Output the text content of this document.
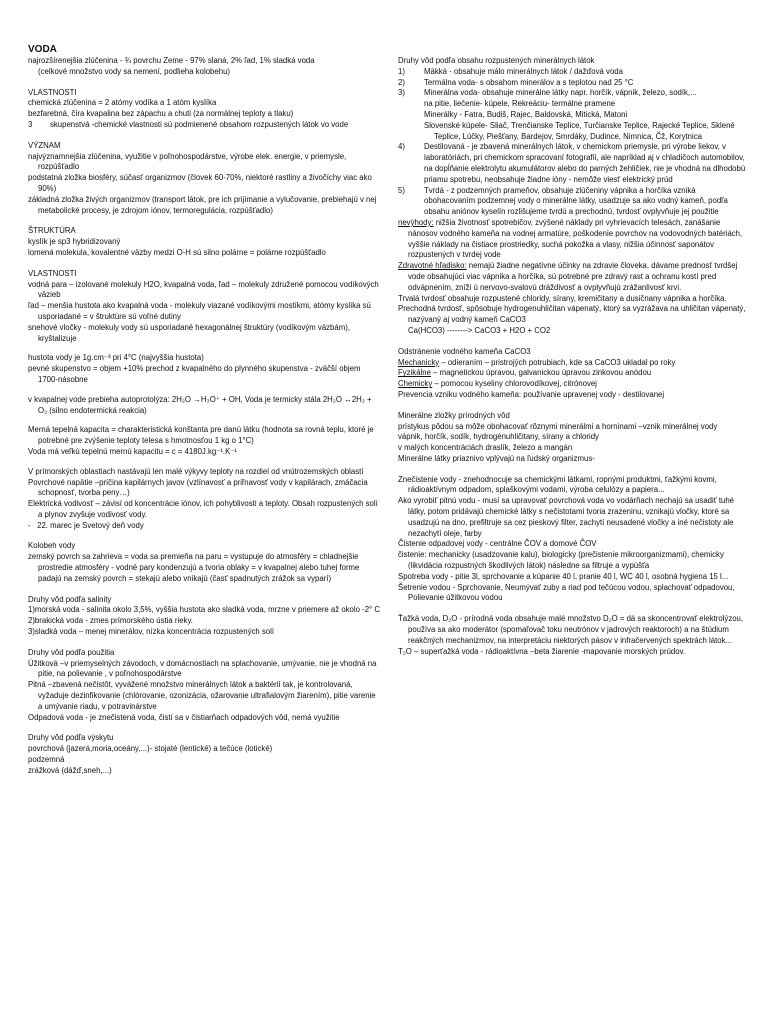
VODA

najrozšírenejšia zlúčenina - ¾ povrchu Zeme - 97% slaná, 2% ľad, 1% sladká voda

(celkové množstvo vody sa nemení, podlieha kolobehu)

VLASTNOSTI

chemická zlúčenina = 2 atómy vodíka a 1 atóm kyslíka

bezfarebná, číra kvapalina bez zápachu a chuti (za normálnej teploty a tlaku)

3 skupenstvá -chemické vlastnosti sú podmienené obsahom rozpustených látok vo vode

VÝZNAM

najvýznamnejšia zlúčenina, využitie v poľnohospodárstve, výrobe elek. energie, v priemysle, rozpúšťadlo

podstatná zložka biosféry, súčasť organizmov (človek 60-70%, niektoré rastliny a živočíchy viac ako 90%)

základná zložka živých organizmov (transport látok, pre ich prijímanie a vylučovanie, prebiehajú v nej metabolické procesy, je zdrojom iónov, termoregulácia, rozpúšťadlo)

ŠTRUKTÚRA

kyslík je sp3 hybridizovaný

lomená molekula, kovalentné väzby medzi O-H sú silno polárne = polárne rozpúšťadlo

VLASTNOSTI

vodná para – izolované molekuly H2O, kvapalná voda, ľad – molekuly združené pomocou vodíkových väzieb

ľad – menšia hustota ako kvapalná voda - molekuly viazané vodíkovými mostíkmi, atómy kyslíka sú usporiadané = v štruktúre sú voľné dutiny

snehové vločky - molekuly vody sú usporiadané hexagonálnej štruktúry (vodíkovým väzbám), kryštalizuje

hustota vody je 1g.cm⁻³ pri 4°C (najvyššia hustota)

pevné skupenstvo = objem +10% prechod z kvapalného do plynného skupenstva - zväčší objem 1700-násobne

v kvapalnej vode prebieha autoprotolýza: 2H₂O →H₃O⁺ + OH, Voda je termicky stála 2H₂O ↔2H₂ + O₂ (silno endotermická reakcia)

Merná tepelná kapacita = charakteristická konštanta pre danú látku (hodnota sa rovná teplu, ktoré je potrebné pre zvýšenie teploty telesa s hmotnosťou 1 kg o 1°C)

Voda má veľkú tepelnú mernú kapacitu = c = 4180J.kg⁻¹.K⁻¹

V prímorských oblastiach nastávajú len malé výkyvy teploty na rozdiel od vnútrozemských oblastí

Povrchové napätie –príčina kapilárnych javov (vzlínavosť a priľnavosť vody v kapilárach, zmáčacia schopnosť, tvorba peny…)

Elektrická vodivosť – závisí od koncentrácie iónov, ich pohyblivosti a teploty. Obsah rozpustených solí a plynov zvyšuje vodivosť vody.

- 22. marec je Svetový deň vody

Kolobeh vody

zemský povrch sa zahrieva = voda sa premieňa na paru = vystupuje do atmosféry = chladnejšie prostredie atmosféry - vodné pary kondenzujú a tvoria oblaky = v kvapalnej alebo tuhej forme padajú na zemský povrch = stekajú alebo vnikajú (časť spadnutých zrážok sa vyparí)

Druhy vôd podľa salinity

1)morská voda - salinita okolo 3,5%, vyššia hustota ako sladká voda, mrzne v priemere až okolo -2° C

2)brakická voda - zmes prímorského ústia rieky.

3)sladká voda – menej minerálov, nízka koncentrácia rozpustených solí

Druhy vôd podľa použitia

Úžitková –v priemyselných závodoch, v domácnostiach na splachovanie, umývanie, nie je vhodná na pitie, na polievanie , v poľnohospodárstve

Pitná –zbavená nečistôt, vyvážené množstvo minerálnych látok a baktérií tak, je kontrolovaná, vyžaduje dezinfikovanie (chlórovanie, ozonizácia, ožarovanie ultrafialovým žiarením), pitie varenie a umývanie riadu, v potravinárstve

Odpadová voda - je znečistená voda, čistí sa v čistiarňach odpadových vôd, nemá využitie

Druhy vôd podľa výskytu

povrchová (jazerá,moria,oceány,...)- stojaté (lentické) a tečúce (lotické)

podzemná

zrážková (dážď,sneh,...)

Druhy vôd podľa obsahu rozpustených minerálnych látok

1) Mäkká - obsahuje málo minerálnych látok / dažďová voda

2) Termálna voda- s obsahom minerálov a s teplotou nad 25 °C

3) Minerálna voda- obsahuje minerálne látky napr. horčík, vápnik, železo, sodík,...

na pitie, liečenie- kúpele, Rekreáciu- termálne pramene

Minerálky - Fatra, Budiš, Rajec, Baldovská, Mitická, Matoni

Slovenské kúpele- Sliač, Trenčianske Teplice, Turčianske Teplice, Rajecké Teplice, Sklené Teplice, Lúčky, Piešťany, Bardejov, Smrdáky, Dudince, Nimnica, Čž, Korytnica

4) Destilovaná - je zbavená minerálnych látok, v chemickom priemysle, pri výrobe liekov, v laboratóriách, pri chemickom spracovaní fotografií, ale napríklad aj v chladičoch automobilov, na dopĺňanie elektrolytu akumulátorov alebo do parných žehličiek, nie je vhodná na dlhodobú priamu spotrebu, neobsahuje žiadne ióny - nemôže viesť elektrický prúd

5) Tvrdá - z podzemných prameňov, obsahuje zlúčeniny vápnika a horčíka vzniká obohacovaním podzemnej vody o minerálne látky, usadzuje sa ako vodný kameň, podľa obsahu aniónov kyselín rozlišujeme tvrdú a prechodnú, tvrdosť ovplyvňuje jej použitie

nevýhody: nižšia životnosť spotrebičov, zvýšené náklady pri vyhrievacích telesách, zanášanie nánosov vodného kameňa na vodnej armatúre, poškodenie povrchov na vodovodných batériách, vyššie náklady na čistiace prostriedky, suchá pokožka a vlasy, nižšia účinnosť saponátov rozpustených v tvrdej vode

Zdravotné hľadisko: nemajú žiadne negatívne účinky na zdravie človeka. dávame prednosť tvrdšej vode obsahujúci viac vápnika a horčíka, sú potrebné pre zdravý rast a ochranu kostí pred odvápnením, zníži ú nervovo-svalovú dráždivosť a ovplyvňujú zrážanlivosť krvi.

Trvalá tvrdosť obsahuje rozpustené chloridy, sírany, kremičitany a dusičnany vápnika a horčíka.

Prechodná tvrdosť, spôsobuje hydrogenuhličitan vápenatý, ktorý sa vyzrážava na uhličitan vápenatý, nazývaný aj vodný kameň CaCO3

Ca(HCO3) --------> CaCO3 + H2O + CO2

Odstránenie vodného kameňa CaCO3

Mechanicky – odieraním – pristrojých potrubiach, kde sa CaCO3 ukladal po roky

Fyzikálne – magnetickou úpravou, galvanickou úpravou zinkovou anódou

Chemicky – pomocou kyseliny chlorovodíkovej, citrónovej

Prevencia vzniku vodného kameňa: používanie upravenej vody - destilovanej

Minerálne zložky prírodných vôd

prístykus pôdou sa môže obohacovať rôznymi minerálmi a horninami –vznik minerálnej vody

vápnik, horčík, sodík, hydrogénuhličitany, sírany a chloridy

v malých koncentráciách draslík, železo a mangán

Minerálne látky priaznivo vplývajú na ľudský organizmus-

Znečistenie vody - znehodnocuje sa chemickými látkami, ropnými produktmi, ťažkými kovmi, rádioaktívnym odpadom, splaškovými vodami, výroba celulózy a papiera...

Ako vyrobiť pitnú vodu - musí sa upravovať povrchová voda vo vodárňach nechajú sa usadiť tuhé látky, potom pridávajú chemické látky s nečistotami tvoria zrazeninu, vznikajú vločky, ktoré sa usadzujú na dno, prefiltruje sa cez pieskový filter, zachytí neusadené vločky a iné nečistoty ale nezachytí oleje, farby

Čistenie odpadovej vody - centrálne ČOV a domové ČOV

čistenie: mechanicky (usadzovanie kalu), biologicky (prečistenie mikroorganizmami), chemicky (likvidácia rozpustných škodlivých látok) následne sa filtruje a vypúšťa

Spotreba vody - pitie 3l, sprchovanie a kúpanie 40 l, pranie 40 l, WC 40 l, osobná hygiena 15 l...

Šetrenie vodou - Sprchovanie, Neumývať zuby a riad pod tečúcou vodou, splachovať odpadovou, Polievanie úžitkovou vodou

Ťažká voda, D₂O - prírodná voda obsahuje malé množstvo D₂O = dá sa skoncentrovať elektrolýzou, používa sa ako moderátor (spomaľovač toku neutrónov v jadrových reaktoroch) a na štúdium reakčných mechanizmov, na interpretáciu niektorých pásov v infračervených spektrách látok...

T₂O – superťažká voda - rádioaktívna –beta žiarenie -mapovanie morských prúdov.
